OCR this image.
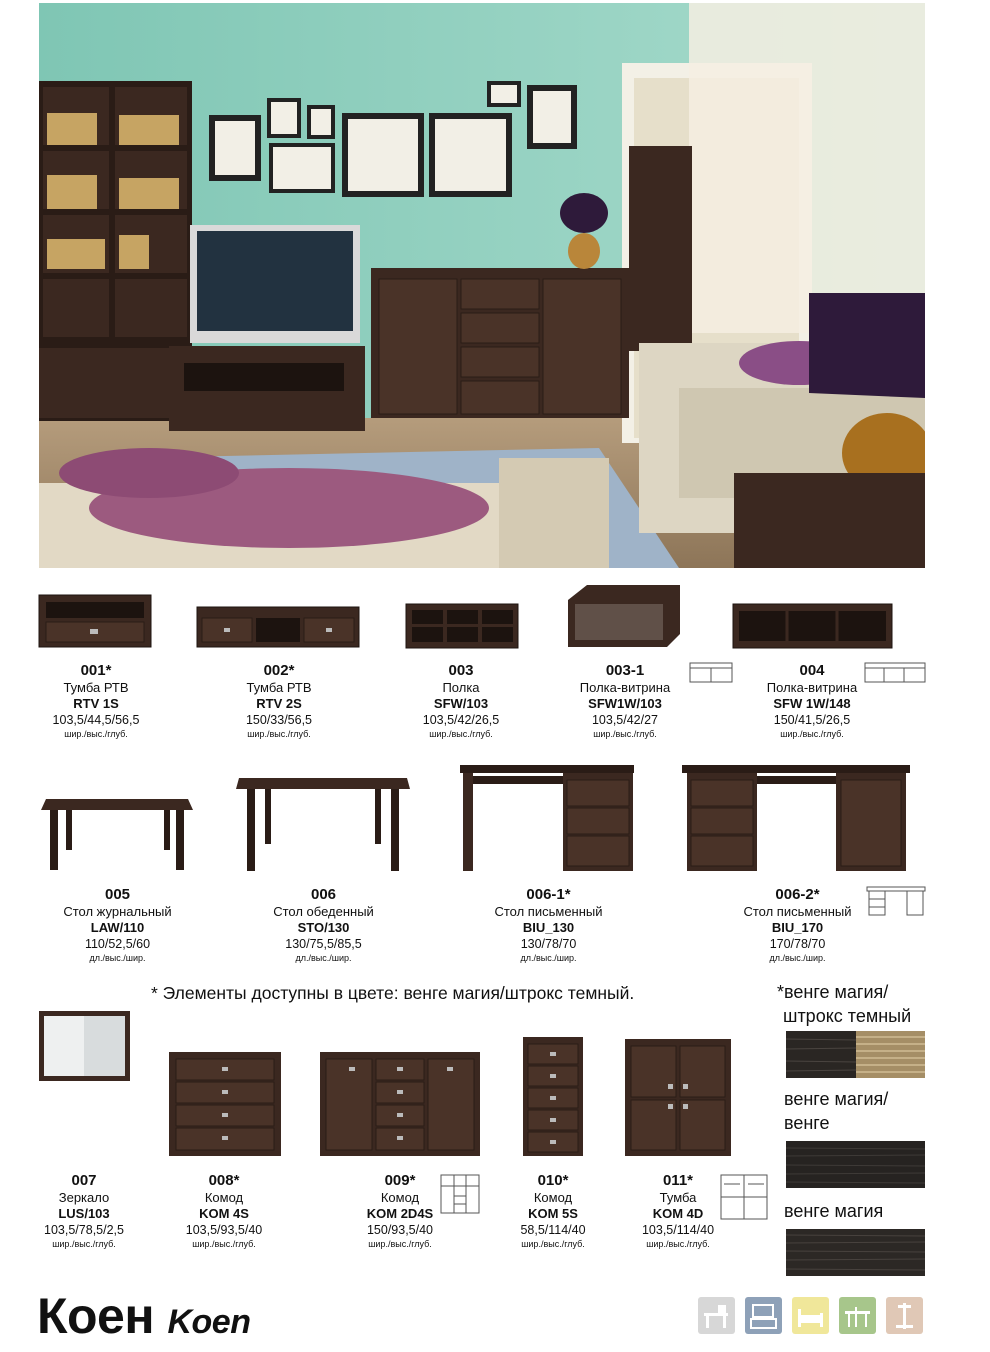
001*
Тумба РТВ
RTV 1S
103,5/44,5/56,5
шир./выс./глуб.
002*
Тумба РТВ
RTV 2S
150/33/56,5
шир./выс./глуб.
003
Полка
SFW/103
103,5/42/26,5
шир./выс./глуб.
003-1
Полка-витрина
SFW1W/103
103,5/42/27
шир./выс./глуб.
004
Полка-витрина
SFW 1W/148
150/41,5/26,5
шир./выс./глуб.
005
Стол журнальный
LAW/110
110/52,5/60
дл./выс./шир.
006
Стол обеденный
STO/130
130/75,5/85,5
дл./выс./шир.
006-1*
Стол письменный
BIU_130
130/78/70
дл./выс./шир.
006-2*
Стол письменный
BIU_170
170/78/70
дл./выс./шир.
* Элементы доступны в цвете: венге магия/штрокс темный.	*венге магия/
штрокс темный
венге магия/
венге
венге магия
007
Зеркало
LUS/103
103,5/78,5/2,5
шир./выс./глуб.
008*
Комод
KOM 4S
103,5/93,5/40
шир./выс./глуб.
009*
Комод
KOM 2D4S
150/93,5/40
шир./выс./глуб.
010*
Комод
KOM 5S
58,5/114/40
шир./выс./глуб.
011*
Тумба
KOM 4D
103,5/114/40
шир./выс./глуб.
Коен Koen
